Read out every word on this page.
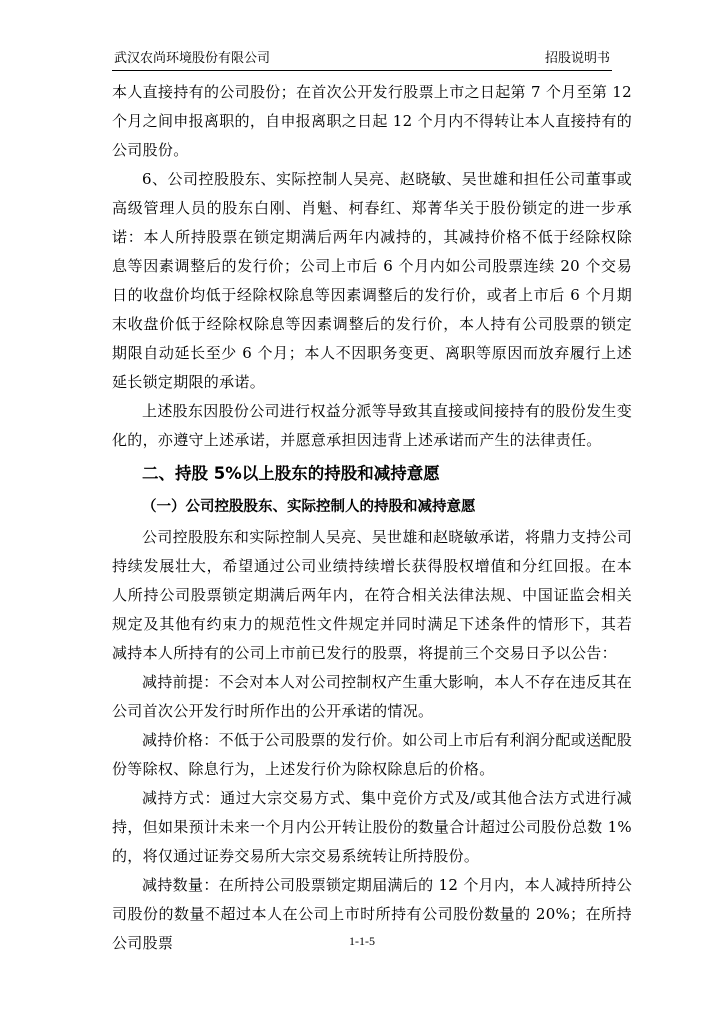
武汉农尚环境股份有限公司	招股说明书

本人直接持有的公司股份；在首次公开发行股票上市之日起第 7 个月至第 12 个月之间申报离职的，自申报离职之日起 12 个月内不得转让本人直接持有的公司股份。

6、公司控股股东、实际控制人吴亮、赵晓敏、吴世雄和担任公司董事或高级管理人员的股东白刚、肖魁、柯春红、郑菁华关于股份锁定的进一步承诺：本人所持股票在锁定期满后两年内减持的，其减持价格不低于经除权除息等因素调整后的发行价；公司上市后 6 个月内如公司股票连续 20 个交易日的收盘价均低于经除权除息等因素调整后的发行价，或者上市后 6 个月期末收盘价低于经除权除息等因素调整后的发行价，本人持有公司股票的锁定期限自动延长至少 6 个月；本人不因职务变更、离职等原因而放弃履行上述延长锁定期限的承诺。

上述股东因股份公司进行权益分派等导致其直接或间接持有的股份发生变化的，亦遵守上述承诺，并愿意承担因违背上述承诺而产生的法律责任。

二、持股 5%以上股东的持股和减持意愿
（一）公司控股股东、实际控制人的持股和减持意愿

公司控股股东和实际控制人吴亮、吴世雄和赵晓敏承诺，将鼎力支持公司持续发展壮大，希望通过公司业绩持续增长获得股权增值和分红回报。在本人所持公司股票锁定期满后两年内，在符合相关法律法规、中国证监会相关规定及其他有约束力的规范性文件规定并同时满足下述条件的情形下，其若减持本人所持有的公司上市前已发行的股票，将提前三个交易日予以公告：

减持前提：不会对本人对公司控制权产生重大影响，本人不存在违反其在公司首次公开发行时所作出的公开承诺的情况。

减持价格：不低于公司股票的发行价。如公司上市后有利润分配或送配股份等除权、除息行为，上述发行价为除权除息后的价格。

减持方式：通过大宗交易方式、集中竞价方式及/或其他合法方式进行减持，但如果预计未来一个月内公开转让股份的数量合计超过公司股份总数 1%的，将仅通过证券交易所大宗交易系统转让所持股份。

减持数量：在所持公司股票锁定期届满后的 12 个月内，本人减持所持公司股份的数量不超过本人在公司上市时所持有公司股份数量的 20%；在所持公司股票	1-1-5
